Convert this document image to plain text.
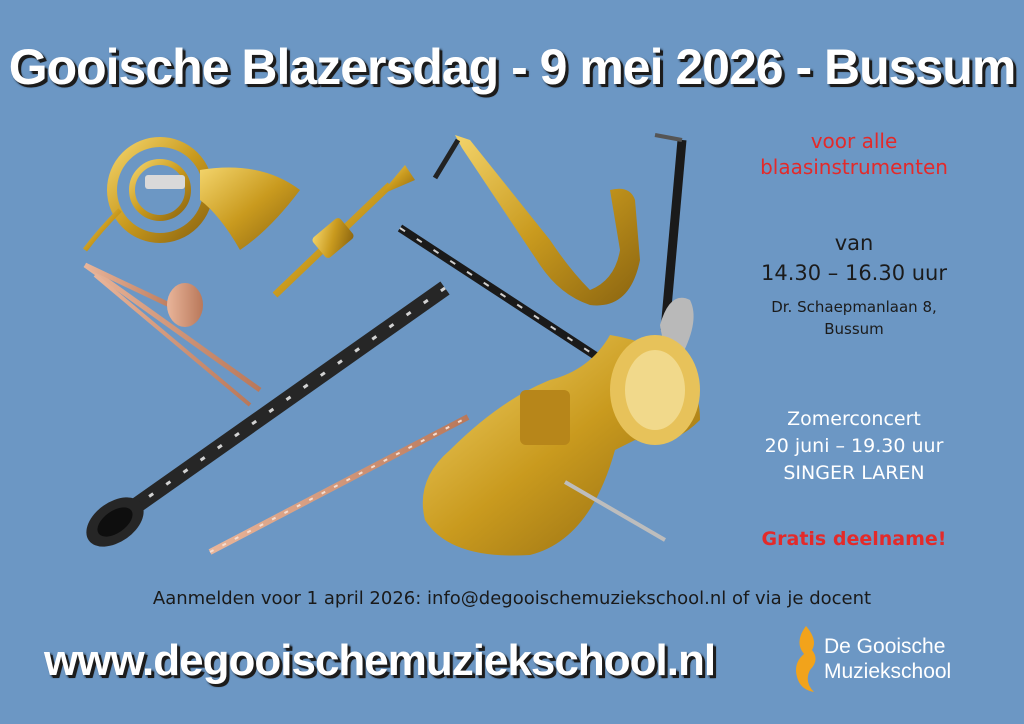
Gooische Blazersdag - 9 mei 2026 - Bussum
voor alle
blaasinstrumenten
van
14.30 – 16.30 uur
Dr. Schaepmanlaan 8,
Bussum
Zomerconcert
20 juni – 19.30 uur
SINGER LAREN
Gratis deelname!
Aanmelden voor 1 april 2026: info@degooischemuziekschool.nl of via je docent
www.degooischemuziekschool.nl	De Gooische
Muziekschool
